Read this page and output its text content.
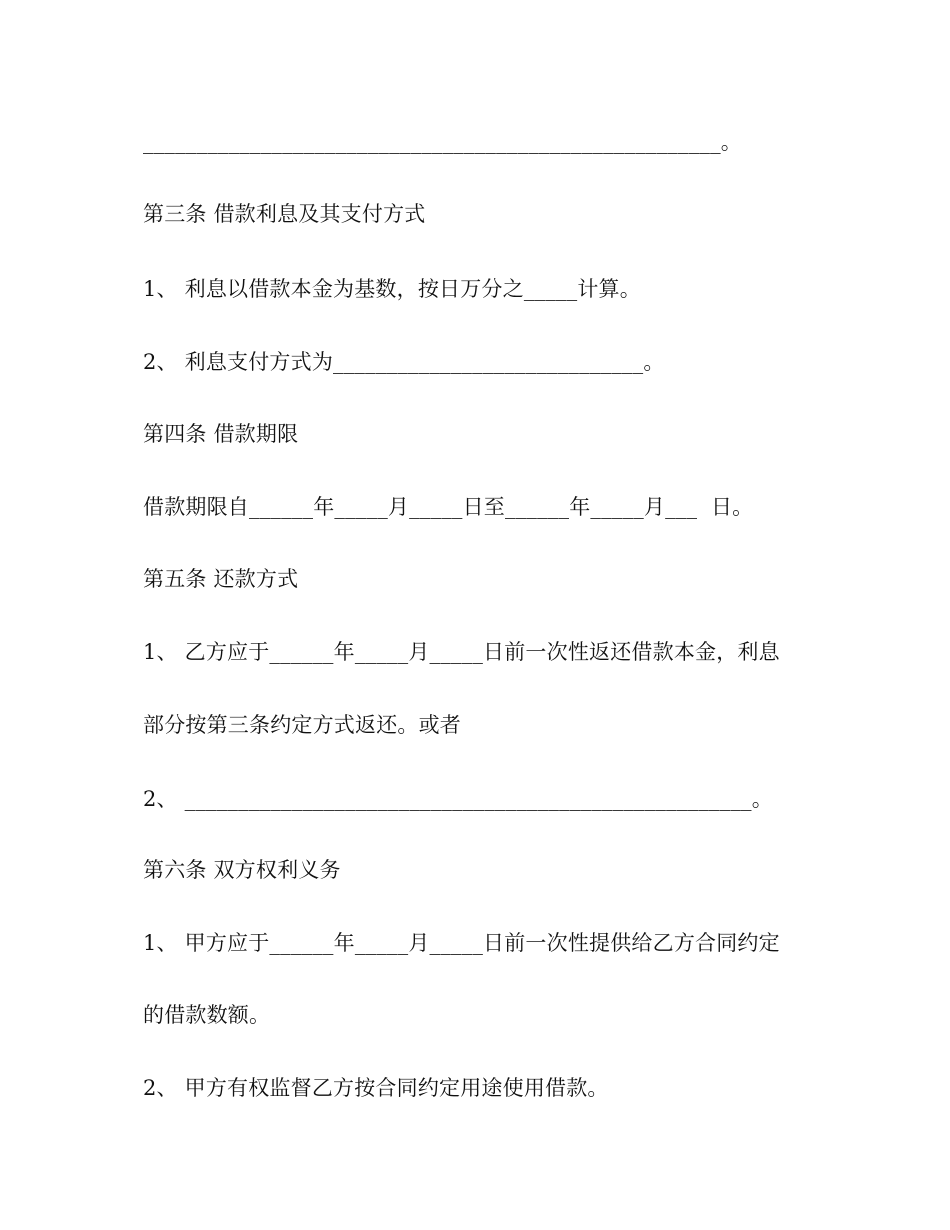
______________________________________________________。
第三条 借款利息及其支付方式
1、 利息以借款本金为基数，按日万分之_____计算。
2、 利息支付方式为_____________________________。
第四条 借款期限
借款期限自______年_____月_____日至______年_____月___  日。
第五条 还款方式
1、 乙方应于______年_____月_____日前一次性返还借款本金，利息
部分按第三条约定方式返还。或者
2、 _____________________________________________________。
第六条 双方权利义务
1、 甲方应于______年_____月_____日前一次性提供给乙方合同约定
的借款数额。
2、 甲方有权监督乙方按合同约定用途使用借款。
